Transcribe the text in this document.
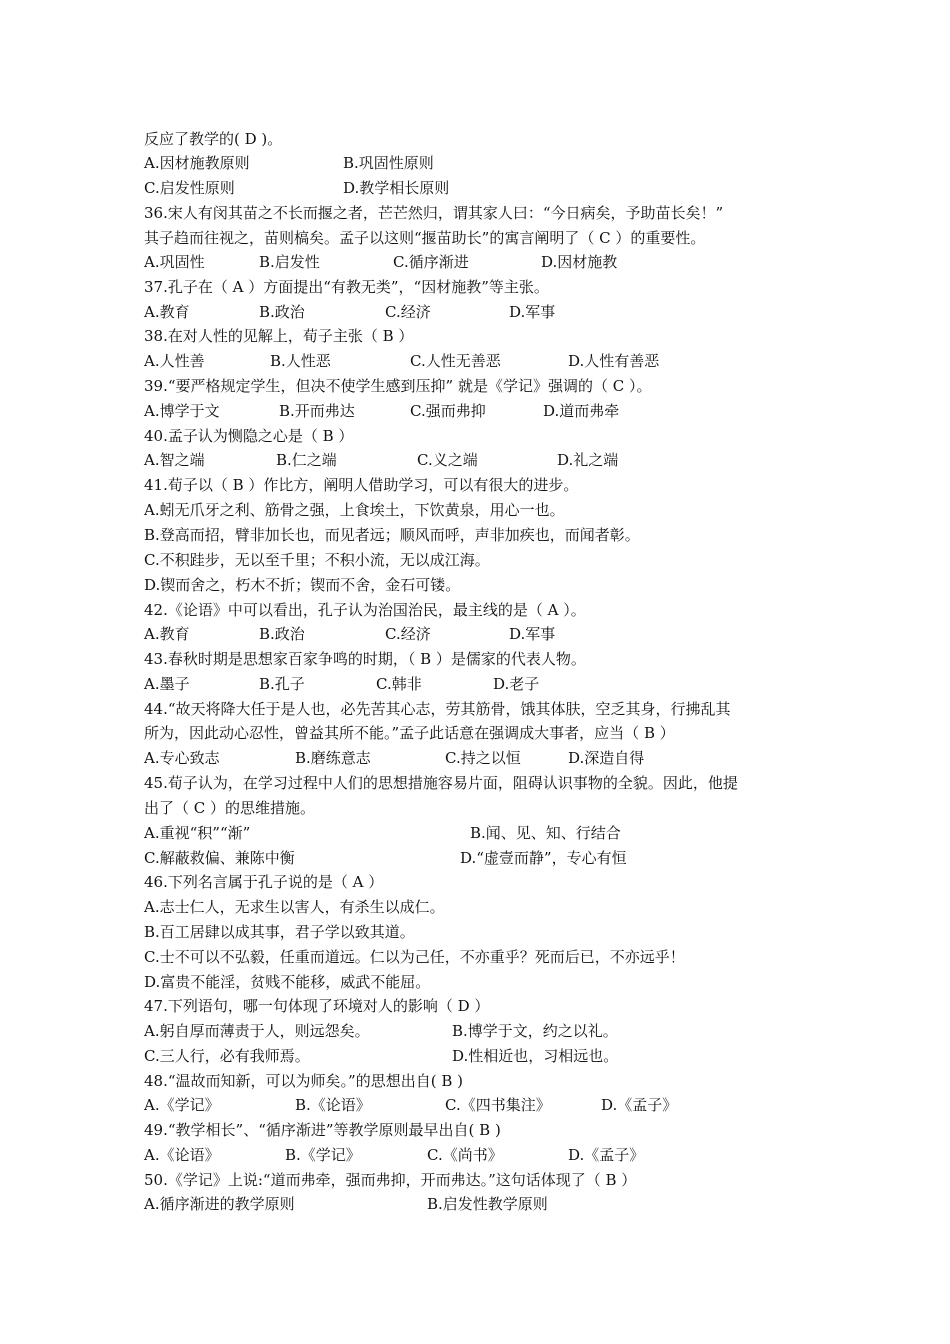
反应了教学的( D )。
A.因材施教原则	B.巩固性原则
C.启发性原则	D.教学相长原则
36.宋人有闵其苗之不长而揠之者，芒芒然归，谓其家人曰：“今日病矣，予助苗长矣！”
其子趋而往视之，苗则槁矣。孟子以这则“揠苗助长”的寓言阐明了（ C ）的重要性。
A.巩固性	B.启发性	C.循序渐进	D.因材施教
37.孔子在（ A ）方面提出“有教无类”，“因材施教”等主张。
A.教育	B.政治	C.经济	D.军事
38.在对人性的见解上，荀子主张（ B ）
A.人性善	B.人性恶	C.人性无善恶	D.人性有善恶
39.“要严格规定学生，但决不使学生感到压抑” 就是《学记》强调的（ C ）。
A.博学于文	B.开而弗达	C.强而弗抑	D.道而弗牵
40.孟子认为恻隐之心是（ B ）
A.智之端	B.仁之端	C.义之端	D.礼之端
41.荀子以（ B ）作比方，阐明人借助学习，可以有很大的进步。
A.蚓无爪牙之利、筋骨之强，上食埃土，下饮黄泉，用心一也。
B.登高而招，臂非加长也，而见者远；顺风而呼，声非加疾也，而闻者彰。
C.不积跬步，无以至千里；不积小流，无以成江海。
D.锲而舍之，朽木不折；锲而不舍，金石可镂。
42.《论语》中可以看出，孔子认为治国治民，最主线的是（ A ）。
A.教育	B.政治	C.经济	D.军事
43.春秋时期是思想家百家争鸣的时期，（ B ）是儒家的代表人物。
A.墨子	B.孔子	C.韩非	D.老子
44.“故天将降大任于是人也，必先苦其心志，劳其筋骨，饿其体肤，空乏其身，行拂乱其
所为，因此动心忍性，曾益其所不能。”孟子此话意在强调成大事者，应当（ B ）
A.专心致志	B.磨练意志	C.持之以恒	D.深造自得
45.荀子认为，在学习过程中人们的思想措施容易片面，阻碍认识事物的全貌。因此，他提
出了（ C ）的思维措施。
A.重视“积”“渐”	B.闻、见、知、行结合
C.解蔽救偏、兼陈中衡	D.“虚壹而静”，专心有恒
46.下列名言属于孔子说的是（ A ）
A.志士仁人，无求生以害人，有杀生以成仁。
B.百工居肆以成其事，君子学以致其道。
C.士不可以不弘毅，任重而道远。仁以为己任，不亦重乎？死而后已，不亦远乎！
D.富贵不能淫，贫贱不能移，威武不能屈。
47.下列语句，哪一句体现了环境对人的影响（ D ）
A.躬自厚而薄责于人，则远怨矣。	B.博学于文，约之以礼。
C.三人行，必有我师焉。	D.性相近也，习相远也。
48.“温故而知新，可以为师矣。”的思想出自( B )
A.《学记》	B.《论语》	C.《四书集注》	D.《孟子》
49.“教学相长”、“循序渐进”等教学原则最早出自( B )
A.《论语》	B.《学记》	C.《尚书》	D.《孟子》
50.《学记》上说:“道而弗牵，强而弗抑，开而弗达。”这句话体现了（ B ）
A.循序渐进的教学原则	B.启发性教学原则
